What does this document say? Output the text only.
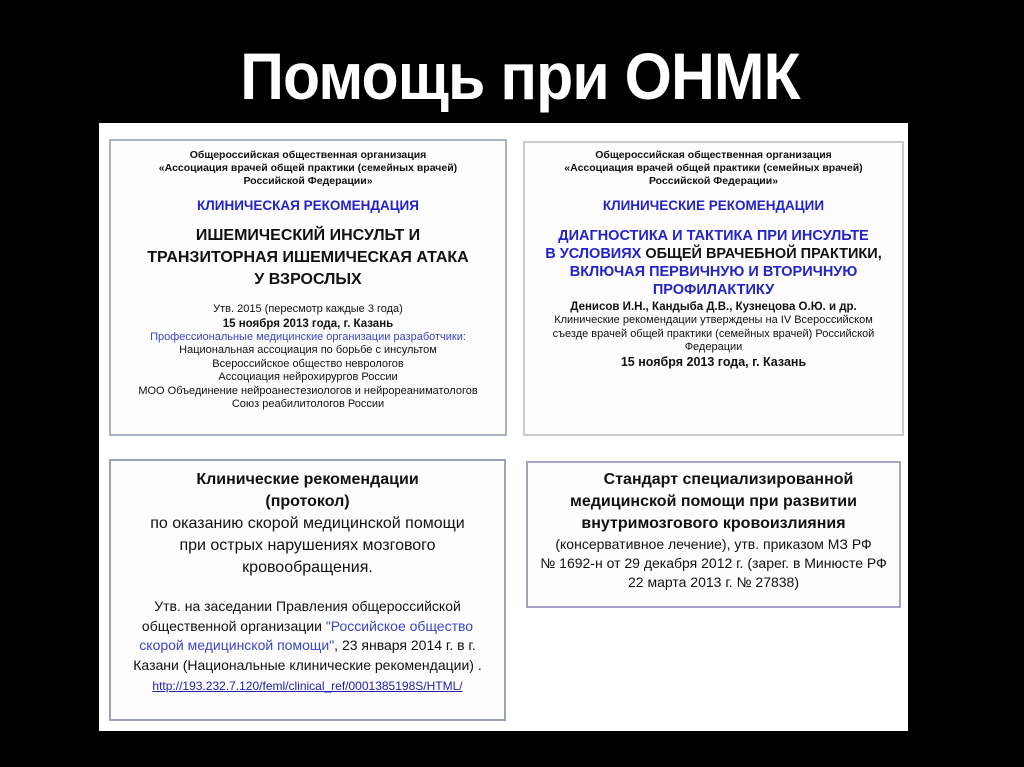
Помощь при ОНМК
Общероссийская общественная организация
«Ассоциация врачей общей практики (семейных врачей)
Российской Федерации»
КЛИНИЧЕСКАЯ РЕКОМЕНДАЦИЯ
ИШЕМИЧЕСКИЙ ИНСУЛЬТ И
ТРАНЗИТОРНАЯ ИШЕМИЧЕСКАЯ АТАКА
У ВЗРОСЛЫХ
Утв. 2015 (пересмотр каждые 3 года)
15 ноября 2013 года, г. Казань
Профессиональные медицинские организации разработчики:
Национальная ассоциация по борьбе с инсультом
Всероссийское общество неврологов
Ассоциация нейрохирургов России
МОО Объединение нейроанестезиологов и нейрореаниматологов
Союз реабилитологов России
Общероссийская общественная организация
«Ассоциация врачей общей практики (семейных врачей)
Российской Федерации»
КЛИНИЧЕСКИЕ РЕКОМЕНДАЦИИ
ДИАГНОСТИКА И ТАКТИКА ПРИ ИНСУЛЬТЕ
В УСЛОВИЯХ ОБЩЕЙ ВРАЧЕБНОЙ ПРАКТИКИ,
ВКЛЮЧАЯ ПЕРВИЧНУЮ И ВТОРИЧНУЮ
ПРОФИЛАКТИКУ
Денисов И.Н., Кандыба Д.В., Кузнецова О.Ю. и др.
Клинические рекомендации утверждены на IV Всероссийском
съезде врачей общей практики (семейных врачей) Российской
Федерации
15 ноября 2013 года, г. Казань
Клинические рекомендации
(протокол)
по оказанию скорой медицинской помощи
при острых нарушениях мозгового
кровообращения.
Утв. на заседании Правления общероссийской
общественной организации "Российское общество
скорой медицинской помощи", 23 января 2014 г. в г.
Казани (Национальные клинические рекомендации) .
http://193.232.7.120/feml/clinical_ref/0001385198S/HTML/
Стандарт специализированной
медицинской помощи при развитии
внутримозгового кровоизлияния
(консервативное лечение), утв. приказом МЗ РФ
№ 1692-н от 29 декабря 2012 г. (зарег. в Минюсте РФ
22 марта 2013 г. № 27838)
